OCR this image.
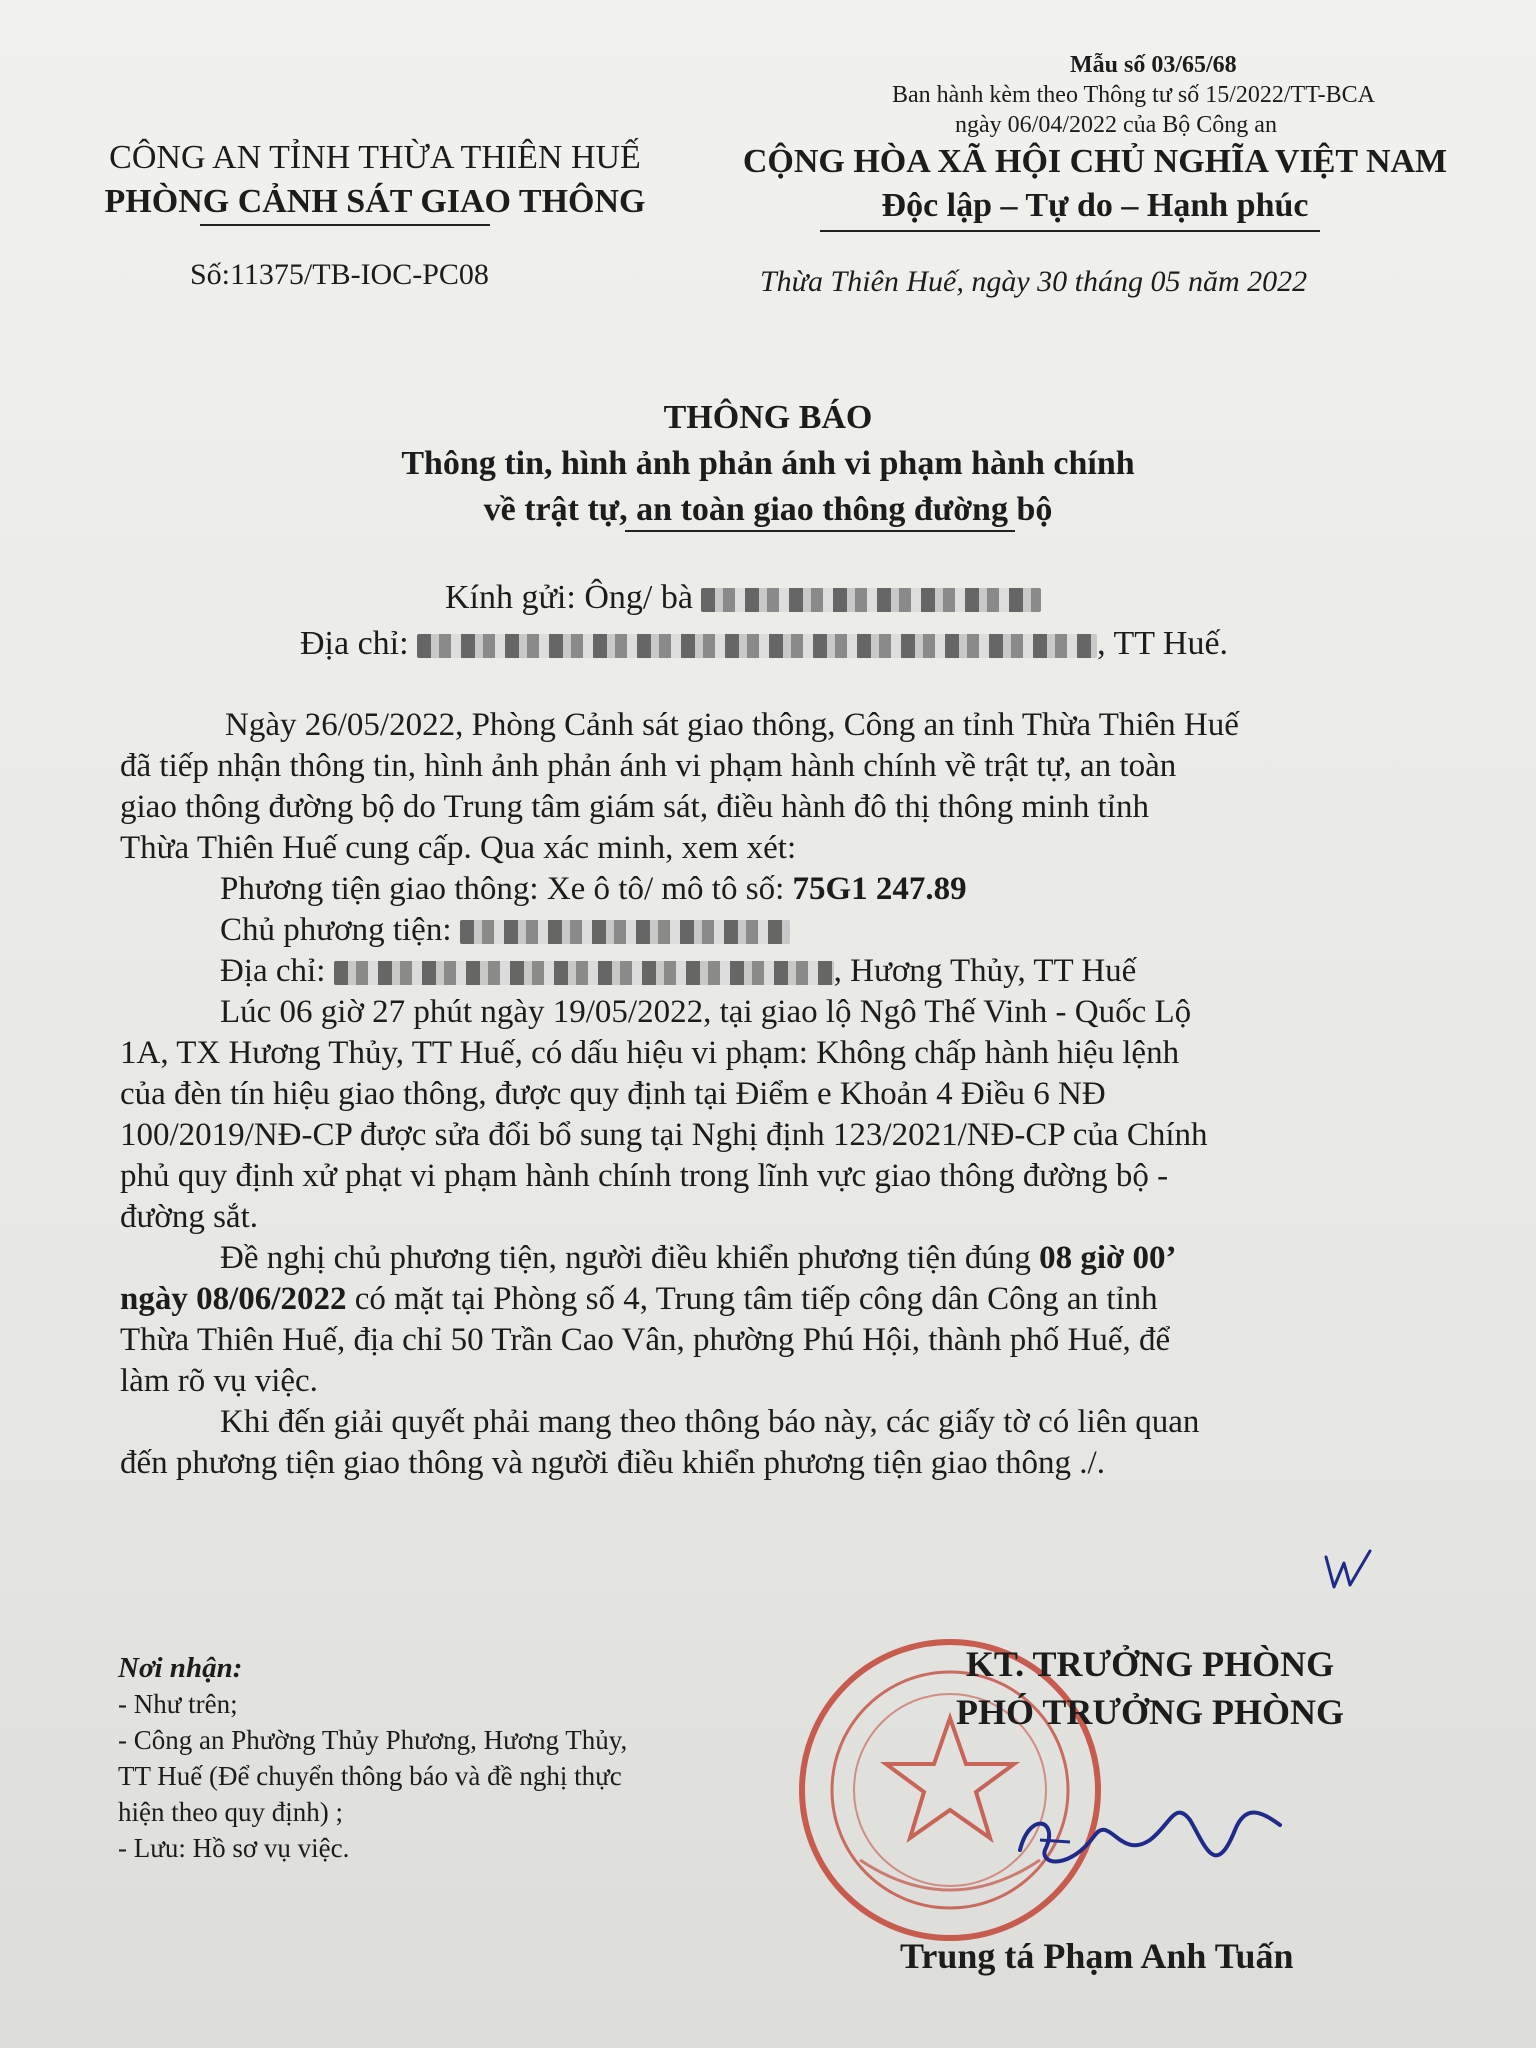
Mẫu số 03/65/68
Ban hành kèm theo Thông tư số 15/2022/TT-BCA
ngày 06/04/2022 của Bộ Công an
CÔNG AN TỈNH THỪA THIÊN HUẾ
PHÒNG CẢNH SÁT GIAO THÔNG
CỘNG HÒA XÃ HỘI CHỦ NGHĨA VIỆT NAM
Độc lập – Tự do – Hạnh phúc
Số:11375/TB-IOC-PC08	Thừa Thiên Huế, ngày 30 tháng 05 năm 2022
THÔNG BÁO
Thông tin, hình ảnh phản ánh vi phạm hành chính
về trật tự, an toàn giao thông đường bộ
Kính gửi: Ông/ bà
Địa chỉ:	, TT Huế.
Ngày 26/05/2022, Phòng Cảnh sát giao thông, Công an tỉnh Thừa Thiên Huế
đã tiếp nhận thông tin, hình ảnh phản ánh vi phạm hành chính về trật tự, an toàn
giao thông đường bộ do Trung tâm giám sát, điều hành đô thị thông minh tỉnh
Thừa Thiên Huế cung cấp. Qua xác minh, xem xét:
Phương tiện giao thông: Xe ô tô/ mô tô số: 75G1 247.89
Chủ phương tiện:
Địa chỉ:	, Hương Thủy, TT Huế
Lúc 06 giờ 27 phút ngày 19/05/2022, tại giao lộ Ngô Thế Vinh - Quốc Lộ
1A, TX Hương Thủy, TT Huế, có dấu hiệu vi phạm: Không chấp hành hiệu lệnh
của đèn tín hiệu giao thông, được quy định tại Điểm e Khoản 4 Điều 6 NĐ
100/2019/NĐ-CP được sửa đổi bổ sung tại Nghị định 123/2021/NĐ-CP của Chính
phủ quy định xử phạt vi phạm hành chính trong lĩnh vực giao thông đường bộ -
đường sắt.
Đề nghị chủ phương tiện, người điều khiển phương tiện đúng 08 giờ 00’
ngày 08/06/2022 có mặt tại Phòng số 4, Trung tâm tiếp công dân Công an tỉnh
Thừa Thiên Huế, địa chỉ 50 Trần Cao Vân, phường Phú Hội, thành phố Huế, để
làm rõ vụ việc.
Khi đến giải quyết phải mang theo thông báo này, các giấy tờ có liên quan
đến phương tiện giao thông và người điều khiển phương tiện giao thông ./.
Nơi nhận:
- Như trên;
- Công an Phường Thủy Phương, Hương Thủy,
TT Huế (Để chuyển thông báo và đề nghị thực
hiện theo quy định) ;
- Lưu: Hồ sơ vụ việc.
KT. TRƯỞNG PHÒNG
PHÓ TRƯỞNG PHÒNG
Trung tá Phạm Anh Tuấn
